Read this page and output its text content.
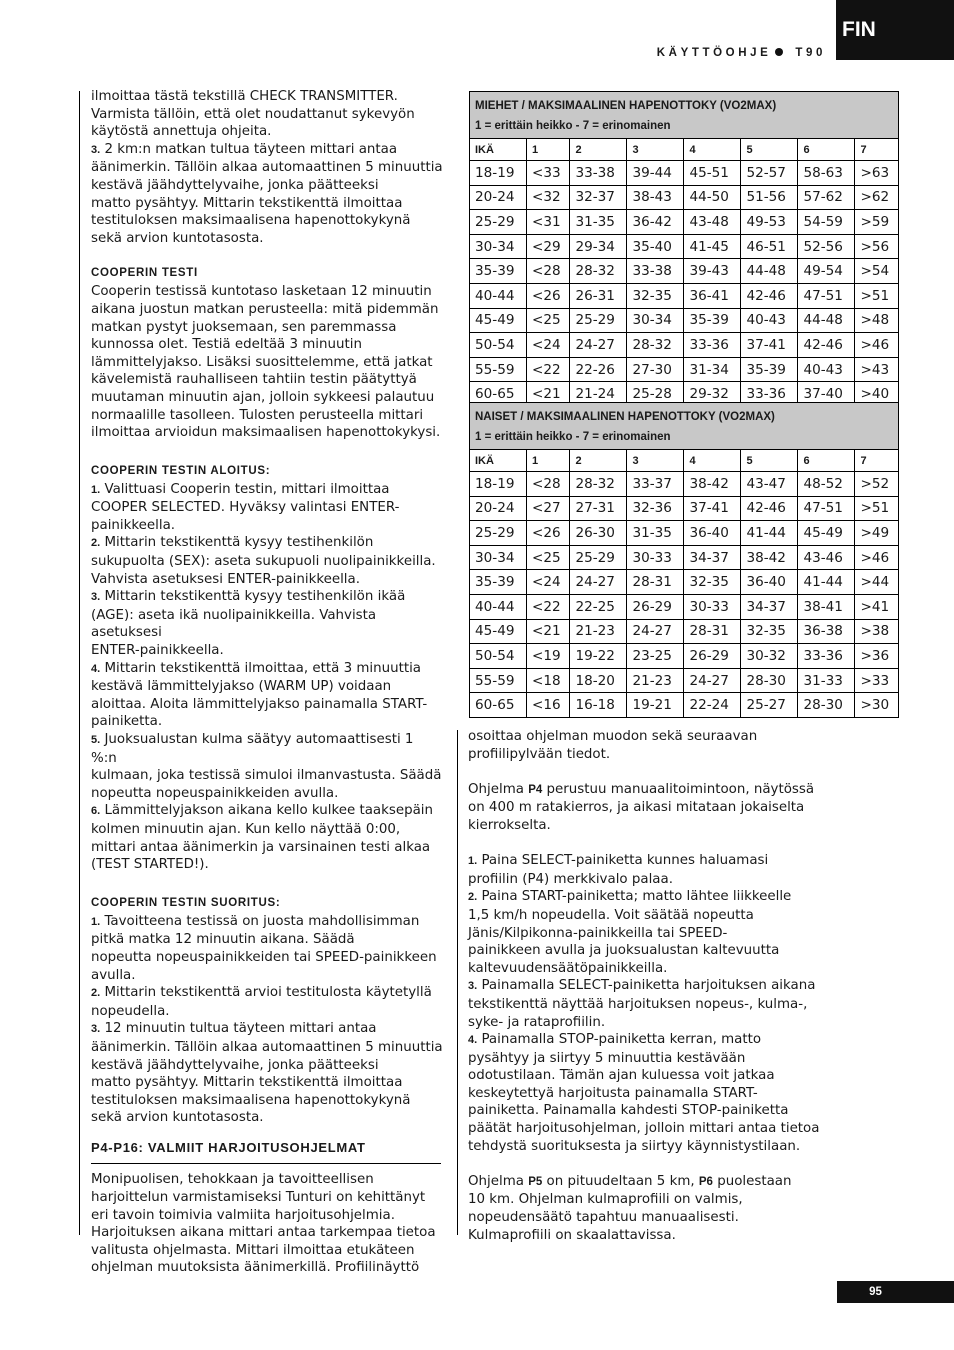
FIN
KÄYTTÖOHJE T90

ilmoittaa tästä tekstillä CHECK TRANSMITTER.

Varmista tällöin, että olet noudattanut sykevyön

käytöstä annettuja ohjeita.

3. 2 km:n matkan tultua täyteen mittari antaa

äänimerkin. Tällöin alkaa automaattinen 5 minuuttia

kestävä jäähdyttelyvaihe, jonka päätteeksi

matto pysähtyy. Mittarin tekstikenttä ilmoittaa

testituloksen maksimaalisena hapenottokykynä

sekä arvion kuntotasosta.

COOPERIN TESTI

Cooperin testissä kuntotaso lasketaan 12 minuutin

aikana juostun matkan perusteella: mitä pidemmän

matkan pystyt juoksemaan, sen paremmassa

kunnossa olet. Testiä edeltää 3 minuutin

lämmittelyjakso. Lisäksi suosittelemme, että jatkat

kävelemistä rauhalliseen tahtiin testin päätyttyä

muutaman minuutin ajan, jolloin sykkeesi palautuu

normaalille tasolleen. Tulosten perusteella mittari

ilmoittaa arvioidun maksimaalisen hapenottokykysi.

COOPERIN TESTIN ALOITUS:

1. Valittuasi Cooperin testin, mittari ilmoittaa

COOPER SELECTED. Hyväksy valintasi ENTER-

painikkeella.

2. Mittarin tekstikenttä kysyy testihenkilön

sukupuolta (SEX): aseta sukupuoli nuolipainikkeilla.

Vahvista asetuksesi ENTER-painikkeella.

3. Mittarin tekstikenttä kysyy testihenkilön ikää

(AGE): aseta ikä nuolipainikkeilla. Vahvista asetuksesi

ENTER-painikkeella.

4. Mittarin tekstikenttä ilmoittaa, että 3 minuuttia

kestävä lämmittelyjakso (WARM UP) voidaan

aloittaa. Aloita lämmittelyjakso painamalla START-

painiketta.

5. Juoksualustan kulma säätyy automaattisesti 1 %:n

kulmaan, joka testissä simuloi ilmanvastusta. Säädä

nopeutta nopeuspainikkeiden avulla.

6. Lämmittelyjakson aikana kello kulkee taaksepäin

kolmen minuutin ajan. Kun kello näyttää 0:00,

mittari antaa äänimerkin ja varsinainen testi alkaa

(TEST STARTED!).

COOPERIN TESTIN SUORITUS:

1. Tavoitteena testissä on juosta mahdollisimman

pitkä matka 12 minuutin aikana. Säädä

nopeutta nopeuspainikkeiden tai SPEED-painikkeen

avulla.

2. Mittarin tekstikenttä arvioi testitulosta käytetyllä

nopeudella.

3. 12 minuutin tultua täyteen mittari antaa

äänimerkin. Tällöin alkaa automaattinen 5 minuuttia

kestävä jäähdyttelyvaihe, jonka päätteeksi

matto pysähtyy. Mittarin tekstikenttä ilmoittaa

testituloksen maksimaalisena hapenottokykynä

sekä arvion kuntotasosta.

P4-P16: VALMIIT HARJOITUSOHJELMAT

Monipuolisen, tehokkaan ja tavoitteellisen

harjoittelun varmistamiseksi Tunturi on kehittänyt

eri tavoin toimivia valmiita harjoitusohjelmia.

Harjoituksen aikana mittari antaa tarkempaa tietoa

valitusta ohjelmasta. Mittari ilmoittaa etukäteen

ohjelman muutoksista äänimerkillä. Profiilinäyttö

MIEHET / MAKSIMAALINEN HAPENOTTOKY (VO2MAX)
1 = erittäin heikko - 7 = erinomainen							

IKÄ	1	2	3	4	5	6	7
18-19	<33	33-38	39-44	45-51	52-57	58-63	>63
20-24	<32	32-37	38-43	44-50	51-56	57-62	>62
25-29	<31	31-35	36-42	43-48	49-53	54-59	>59
30-34	<29	29-34	35-40	41-45	46-51	52-56	>56
35-39	<28	28-32	33-38	39-43	44-48	49-54	>54
40-44	<26	26-31	32-35	36-41	42-46	47-51	>51
45-49	<25	25-29	30-34	35-39	40-43	44-48	>48
50-54	<24	24-27	28-32	33-36	37-41	42-46	>46
55-59	<22	22-26	27-30	31-34	35-39	40-43	>43
60-65	<21	21-24	25-28	29-32	33-36	37-40	>40
NAISET / MAKSIMAALINEN HAPENOTTOKY (VO2MAX)
1 = erittäin heikko - 7 = erinomainen							

IKÄ	1	2	3	4	5	6	7
18-19	<28	28-32	33-37	38-42	43-47	48-52	>52
20-24	<27	27-31	32-36	37-41	42-46	47-51	>51
25-29	<26	26-30	31-35	36-40	41-44	45-49	>49
30-34	<25	25-29	30-33	34-37	38-42	43-46	>46
35-39	<24	24-27	28-31	32-35	36-40	41-44	>44
40-44	<22	22-25	26-29	30-33	34-37	38-41	>41
45-49	<21	21-23	24-27	28-31	32-35	36-38	>38
50-54	<19	19-22	23-25	26-29	30-32	33-36	>36
55-59	<18	18-20	21-23	24-27	28-30	31-33	>33
60-65	<16	16-18	19-21	22-24	25-27	28-30	>30

osoittaa ohjelman muodon sekä seuraavan

profiilipylvään tiedot.

Ohjelma P4 perustuu manuaalitoimintoon, näytössä

on 400 m ratakierros, ja aikasi mitataan jokaiselta

kierrokselta.

1. Paina SELECT-painiketta kunnes haluamasi

profiilin (P4) merkkivalo palaa.

2. Paina START-painiketta; matto lähtee liikkeelle

1,5 km/h nopeudella. Voit säätää nopeutta

Jänis/Kilpikonna-painikkeilla tai SPEED-

painikkeen avulla ja juoksualustan kaltevuutta

kaltevuudensäätöpainikkeilla.

3. Painamalla SELECT-painiketta harjoituksen aikana

tekstikenttä näyttää harjoituksen nopeus-, kulma-,

syke- ja rataprofiilin.

4. Painamalla STOP-painiketta kerran, matto

pysähtyy ja siirtyy 5 minuuttia kestävään

odotustilaan. Tämän ajan kuluessa voit jatkaa

keskeytettyä harjoitusta painamalla START-

painiketta. Painamalla kahdesti STOP-painiketta

päätät harjoitusohjelman, jolloin mittari antaa tietoa

tehdystä suorituksesta ja siirtyy käynnistystilaan.

Ohjelma P5 on pituudeltaan 5 km, P6 puolestaan

10 km. Ohjelman kulmaprofiili on valmis,

nopeudensäätö tapahtuu manuaalisesti.

Kulmaprofiili on skaalattavissa.

95
